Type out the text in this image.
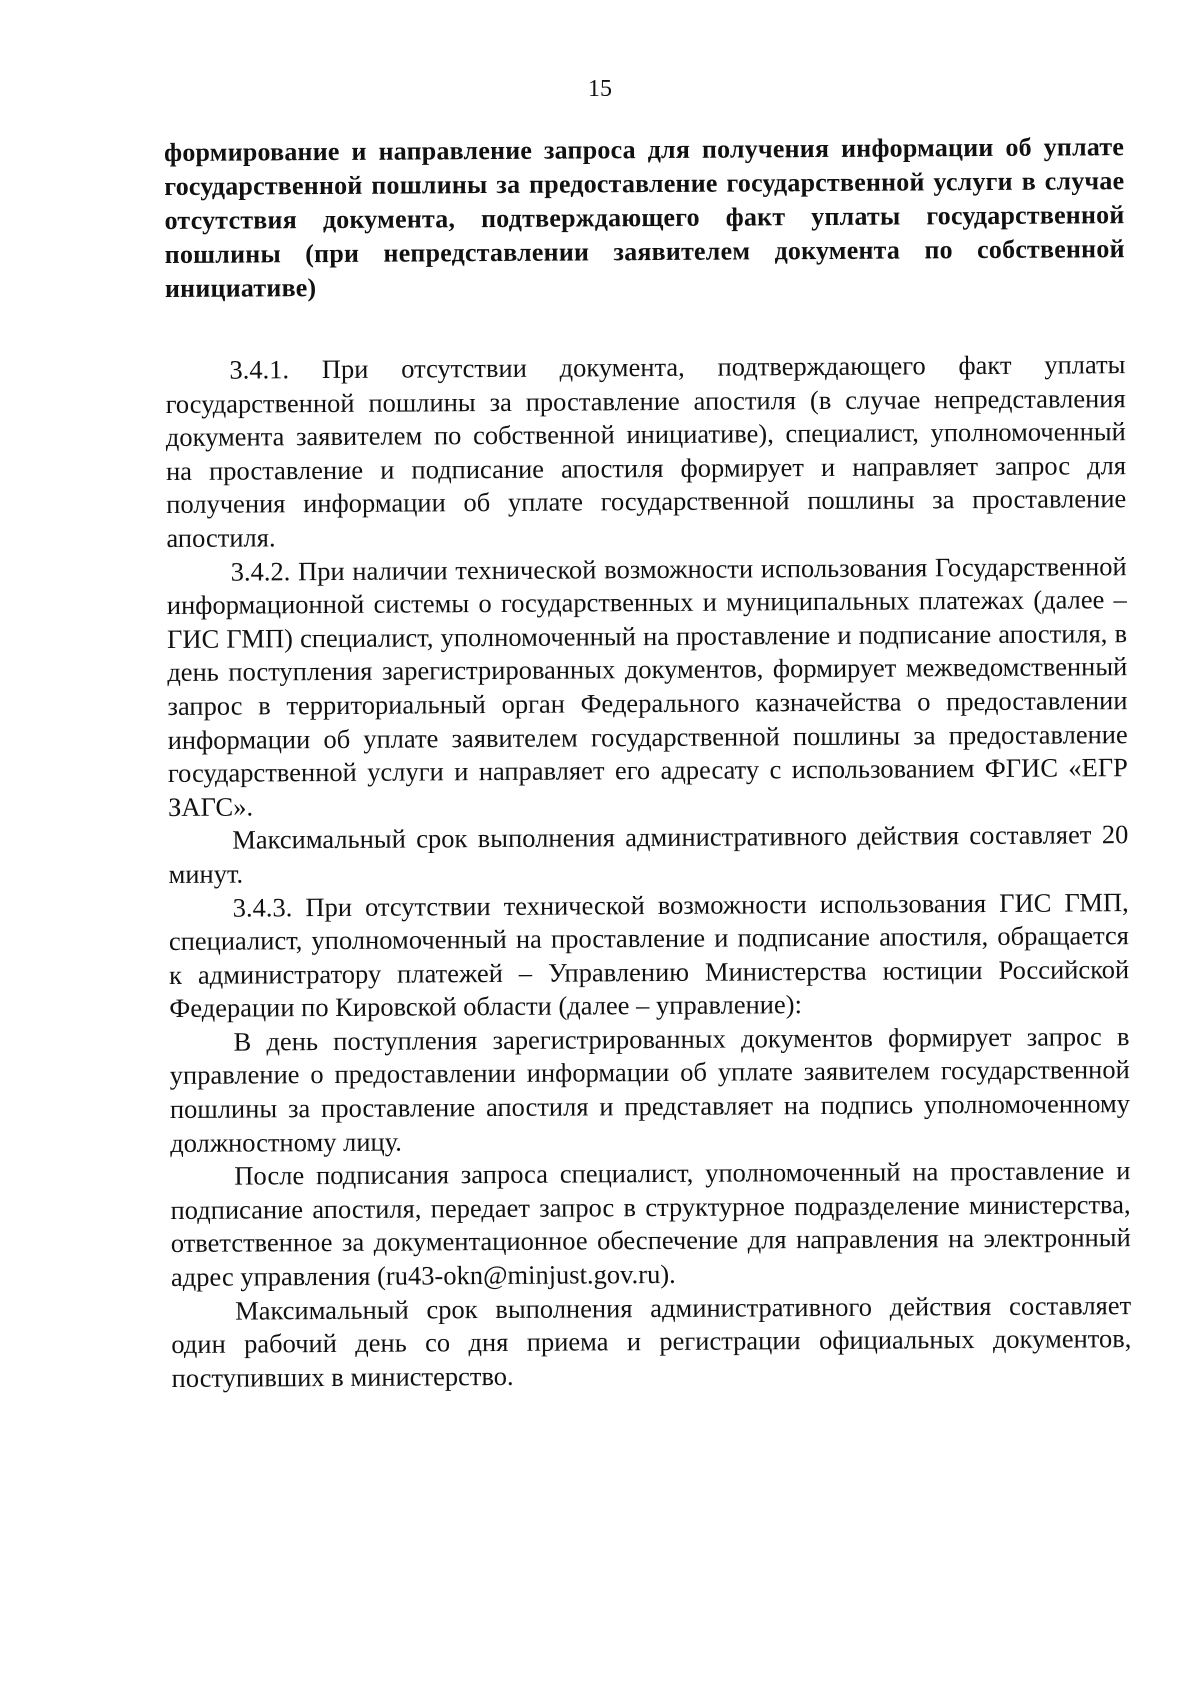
15

формирование и направление запроса для получения информации об уплате государственной пошлины за предоставление государственной услуги в случае отсутствия документа, подтверждающего факт уплаты государственной пошлины (при непредставлении заявителем документа по собственной инициативе)

3.4.1. При отсутствии документа, подтверждающего факт уплаты государственной пошлины за проставление апостиля (в случае непредставления документа заявителем по собственной инициативе), специалист, уполномоченный на проставление и подписание апостиля формирует и направляет запрос для получения информации об уплате государственной пошлины за проставление апостиля.

3.4.2. При наличии технической возможности использования Государственной информационной системы о государственных и муниципальных платежах (далее – ГИС ГМП) специалист, уполномоченный на проставление и подписание апостиля, в день поступления зарегистрированных документов, формирует межведомственный запрос в территориальный орган Федерального казначейства о предоставлении информации об уплате заявителем государственной пошлины за предоставление государственной услуги и направляет его адресату с использованием ФГИС «ЕГР ЗАГС».

Максимальный срок выполнения административного действия составляет 20 минут.

3.4.3. При отсутствии технической возможности использования ГИС ГМП, специалист, уполномоченный на проставление и подписание апостиля, обращается к администратору платежей – Управлению Министерства юстиции Российской Федерации по Кировской области (далее – управление):

В день поступления зарегистрированных документов формирует запрос в управление о предоставлении информации об уплате заявителем государственной пошлины за проставление апостиля и представляет на подпись уполномоченному должностному лицу.

После подписания запроса специалист, уполномоченный на проставление и подписание апостиля, передает запрос в структурное подразделение министерства, ответственное за документационное обеспечение для направления на электронный адрес управления (ru43-okn@minjust.gov.ru).

Максимальный срок выполнения административного действия составляет один рабочий день со дня приема и регистрации официальных документов, поступивших в министерство.
